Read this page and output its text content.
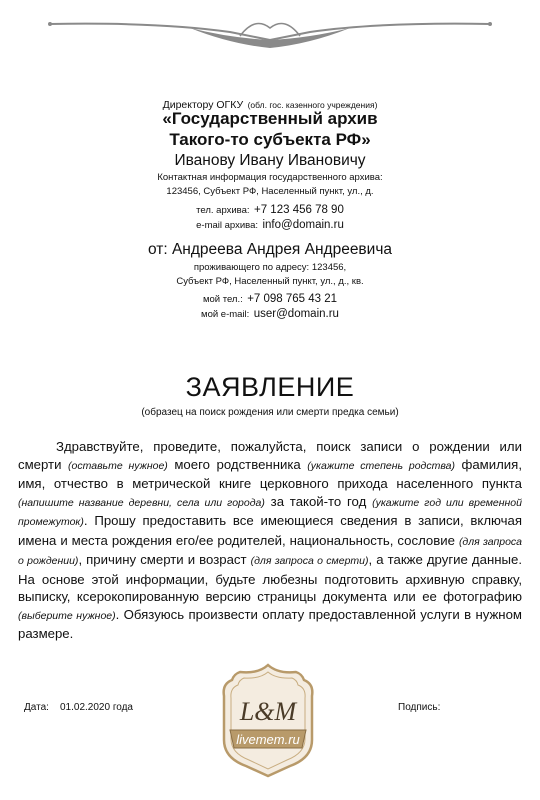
Директору ОГКУ (обл. гос. казенного учреждения)
«Государственный архив
Такого-то субъекта РФ»
Иванову Ивану Ивановичу
Контактная информация государственного архива:
123456, Субъект РФ, Населенный пункт, ул., д.
тел. архива: +7 123 456 78 90
e-mail архива: info@domain.ru
от: Андреева Андрея Андреевича
проживающего по адресу: 123456,
Субъект РФ, Населенный пункт, ул., д., кв.
мой тел.: +7 098 765 43 21
мой e-mail: user@domain.ru
ЗАЯВЛЕНИЕ
(образец на поиск рождения или смерти предка семьи)
Здравствуйте, проведите, пожалуйста, поиск записи о рождении или смерти (оставьте нужное) моего родственника (укажите степень родства) фамилия, имя, отчество в метрической книге церковного прихода населенного пункта (напишите название деревни, села или города) за такой-то год (укажите год или временной промежуток). Прошу предоставить все имеющиеся сведения в записи, включая имена и места рождения его/ее родителей, национальность, сословие (для запроса о рождении), причину смерти и возраст (для запроса о смерти), а также другие данные. На основе этой информации, будьте любезны подготовить архивную справку, выписку, ксерокопированную версию страницы документа или ее фотографию (выберите нужное). Обязуюсь произвести оплату предоставленной услуги в нужном размере.
Дата: 01.02.2020 года	Подпись:
L&M
livemem.ru
